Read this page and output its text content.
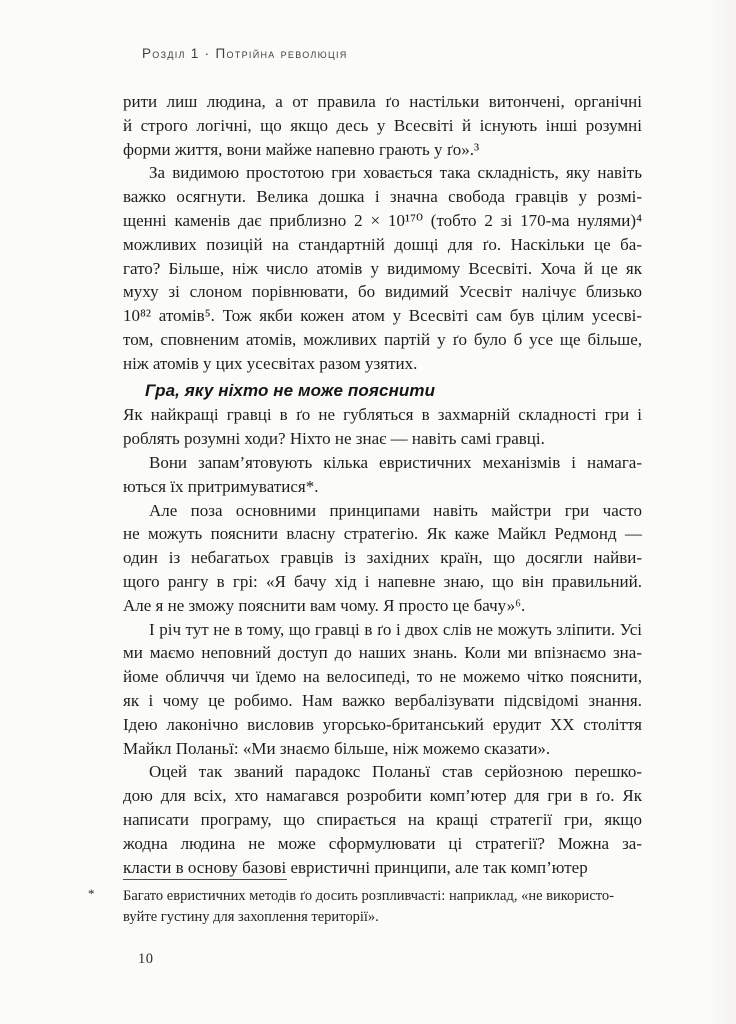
Розділ 1 · Потрійна революція
рити лиш людина, а от правила ґо настільки витончені, органічні
й строго логічні, що якщо десь у Всесвіті й існують інші розумні
форми життя, вони майже напевно грають у ґо».³
За видимою простотою гри ховається така складність, яку навіть
важко осягнути. Велика дошка і значна свобода гравців у розмі-
щенні каменів дає приблизно 2 × 10¹⁷⁰ (тобто 2 зі 170-ма нулями)⁴
можливих позицій на стандартній дошці для ґо. Наскільки це ба-
гато? Більше, ніж число атомів у видимому Всесвіті. Хоча й це як
муху зі слоном порівнювати, бо видимий Усесвіт налічує близько
10⁸² атомів⁵. Тож якби кожен атом у Всесвіті сам був цілим усесві-
том, сповненим атомів, можливих партій у ґо було б усе ще більше,
ніж атомів у цих усесвітах разом узятих.
Гра, яку ніхто не може пояснити
Як найкращі гравці в ґо не губляться в захмарній складності гри і
роблять розумні ходи? Ніхто не знає — навіть самі гравці.
Вони запам’ятовують кілька евристичних механізмів і намага-
ються їх притримуватися*.
Але поза основними принципами навіть майстри гри часто
не можуть пояснити власну стратегію. Як каже Майкл Редмонд —
один із небагатьох гравців із західних країн, що досягли найви-
щого рангу в грі: «Я бачу хід і напевне знаю, що він правильний.
Але я не зможу пояснити вам чому. Я просто це бачу»⁶.
І річ тут не в тому, що гравці в ґо і двох слів не можуть зліпити. Усі
ми маємо неповний доступ до наших знань. Коли ми впізнаємо зна-
йоме обличчя чи їдемо на велосипеді, то не можемо чітко пояснити,
як і чому це робимо. Нам важко вербалізувати підсвідомі знання.
Ідею лаконічно висловив угорсько-британський ерудит ХХ століття
Майкл Поланьї: «Ми знаємо більше, ніж можемо сказати».
Оцей так званий парадокс Поланьї став серйозною перешко-
дою для всіх, хто намагався розробити комп’ютер для гри в ґо. Як
написати програму, що спирається на кращі стратегії гри, якщо
жодна людина не може сформулювати ці стратегії? Можна за-
класти в основу базові евристичні принципи, але так комп’ютер
* Багато евристичних методів ґо досить розпливчасті: наприклад, «не використо-
вуйте густину для захоплення території».
10
